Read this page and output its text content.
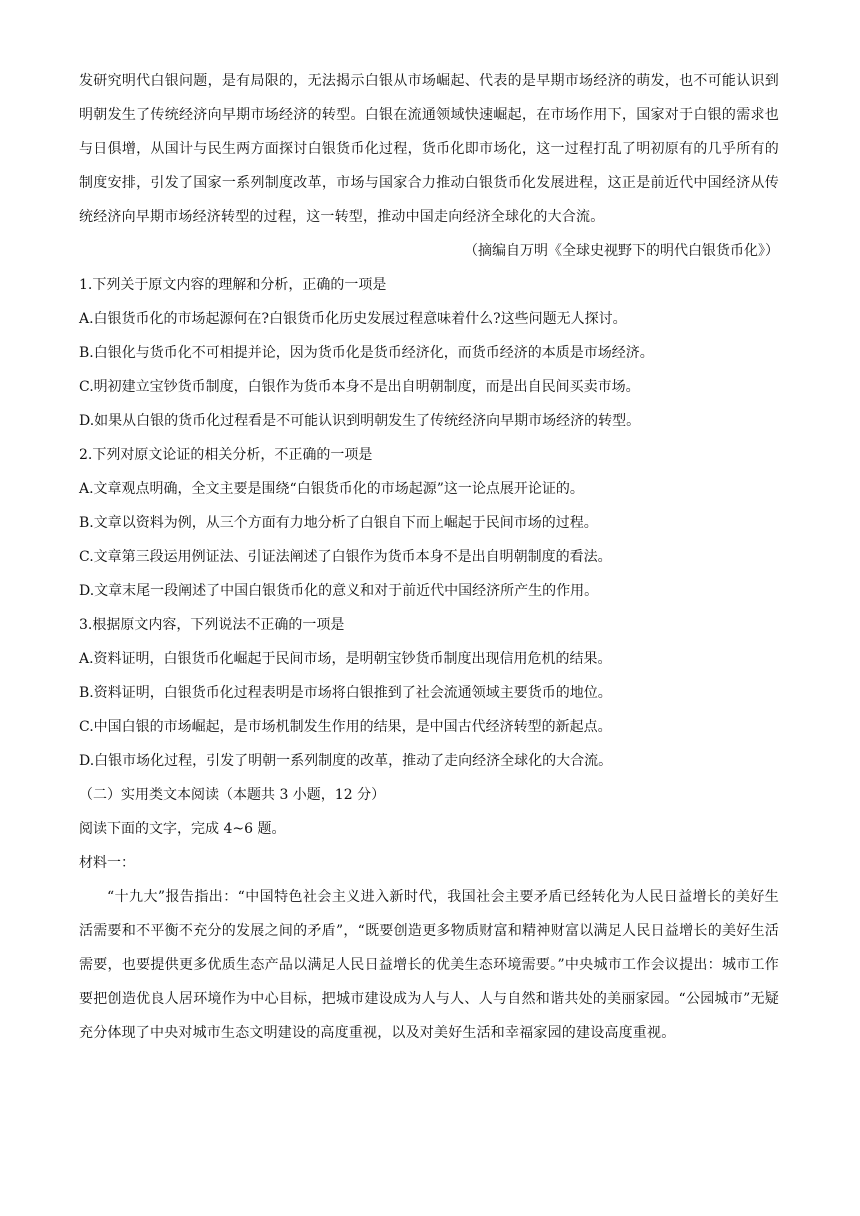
发研究明代白银问题，是有局限的，无法揭示白银从市场崛起、代表的是早期市场经济的萌发，也不可能认识到明朝发生了传统经济向早期市场经济的转型。白银在流通领域快速崛起，在市场作用下，国家对于白银的需求也与日俱增，从国计与民生两方面探讨白银货币化过程，货币化即市场化，这一过程打乱了明初原有的几乎所有的制度安排，引发了国家一系列制度改革，市场与国家合力推动白银货币化发展进程，这正是前近代中国经济从传统经济向早期市场经济转型的过程，这一转型，推动中国走向经济全球化的大合流。

（摘编自万明《全球史视野下的明代白银货币化》）

1.下列关于原文内容的理解和分析，正确的一项是

A.白银货币化的市场起源何在?白银货币化历史发展过程意味着什么?这些问题无人探讨。

B.白银化与货币化不可相提并论，因为货币化是货币经济化，而货币经济的本质是市场经济。

C.明初建立宝钞货币制度，白银作为货币本身不是出自明朝制度，而是出自民间买卖市场。

D.如果从白银的货币化过程看是不可能认识到明朝发生了传统经济向早期市场经济的转型。

2.下列对原文论证的相关分析，不正确的一项是

A.文章观点明确，全文主要是围绕“白银货币化的市场起源”这一论点展开论证的。

B.文章以资料为例，从三个方面有力地分析了白银自下而上崛起于民间市场的过程。

C.文章第三段运用例证法、引证法阐述了白银作为货币本身不是出自明朝制度的看法。

D.文章末尾一段阐述了中国白银货币化的意义和对于前近代中国经济所产生的作用。

3.根据原文内容，下列说法不正确的一项是

A.资料证明，白银货币化崛起于民间市场，是明朝宝钞货币制度出现信用危机的结果。

B.资料证明，白银货币化过程表明是市场将白银推到了社会流通领域主要货币的地位。

C.中国白银的市场崛起，是市场机制发生作用的结果，是中国古代经济转型的新起点。

D.白银市场化过程，引发了明朝一系列制度的改革，推动了走向经济全球化的大合流。

（二）实用类文本阅读（本题共 3 小题，12 分）

阅读下面的文字，完成 4~6 题。

材料一：

“十九大”报告指出：“中国特色社会主义进入新时代，我国社会主要矛盾已经转化为人民日益增长的美好生活需要和不平衡不充分的发展之间的矛盾”，“既要创造更多物质财富和精神财富以满足人民日益增长的美好生活需要，也要提供更多优质生态产品以满足人民日益增长的优美生态环境需要。”中央城市工作会议提出：城市工作要把创造优良人居环境作为中心目标，把城市建设成为人与人、人与自然和谐共处的美丽家园。“公园城市”无疑充分体现了中央对城市生态文明建设的高度重视，以及对美好生活和幸福家园的建设高度重视。
